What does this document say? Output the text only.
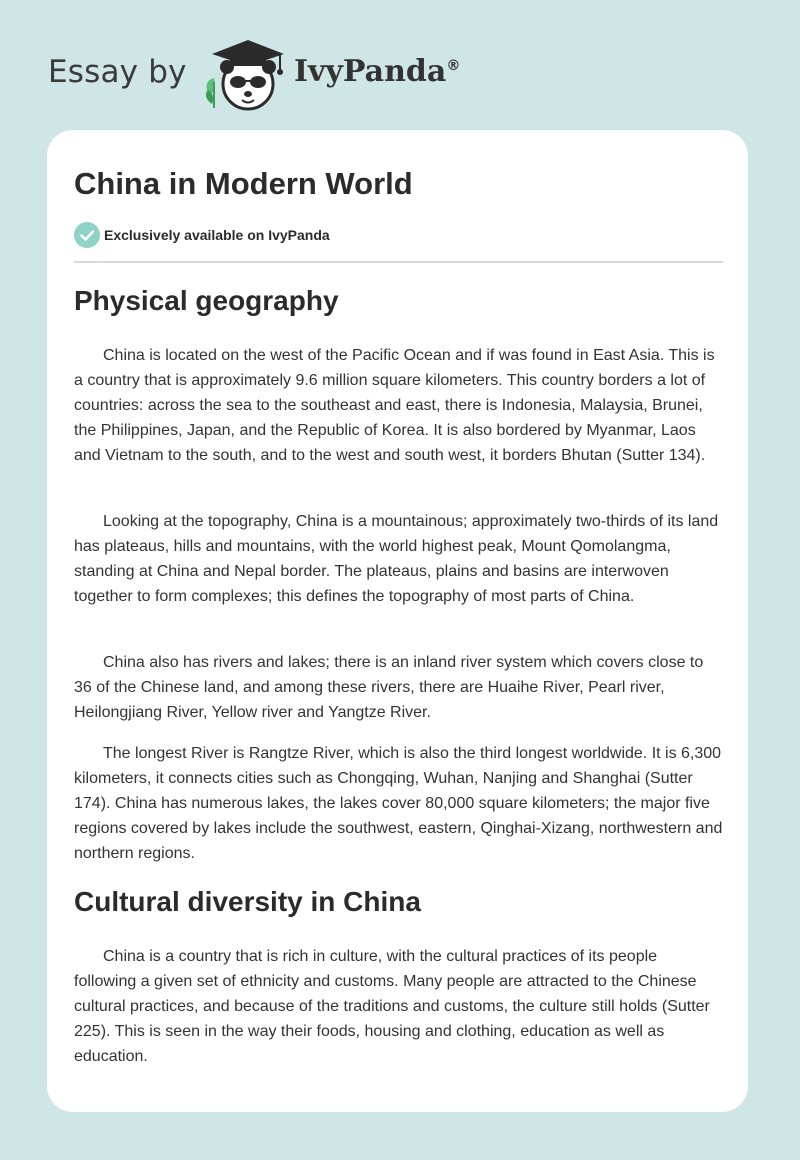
Essay by	IvyPanda®
China in Modern World
Exclusively available on IvyPanda
Physical geography

China is located on the west of the Pacific Ocean and if was found in East Asia. This is a country that is approximately 9.6 million square kilometers. This country borders a lot of countries: across the sea to the southeast and east, there is Indonesia, Malaysia, Brunei, the Philippines, Japan, and the Republic of Korea. It is also bordered by Myanmar, Laos and Vietnam to the south, and to the west and south west, it borders Bhutan (Sutter 134).

Looking at the topography, China is a mountainous; approximately two-thirds of its land has plateaus, hills and mountains, with the world highest peak, Mount Qomolangma, standing at China and Nepal border. The plateaus, plains and basins are interwoven together to form complexes; this defines the topography of most parts of China.

China also has rivers and lakes; there is an inland river system which covers close to 36 of the Chinese land, and among these rivers, there are Huaihe River, Pearl river, Heilongjiang River, Yellow river and Yangtze River.

The longest River is Rangtze River, which is also the third longest worldwide. It is 6,300 kilometers, it connects cities such as Chongqing, Wuhan, Nanjing and Shanghai (Sutter 174). China has numerous lakes, the lakes cover 80,000 square kilometers; the major five regions covered by lakes include the southwest, eastern, Qinghai-Xizang, northwestern and northern regions.

Cultural diversity in China

China is a country that is rich in culture, with the cultural practices of its people following a given set of ethnicity and customs. Many people are attracted to the Chinese cultural practices, and because of the traditions and customs, the culture still holds (Sutter 225). This is seen in the way their foods, housing and clothing, education as well as education.
